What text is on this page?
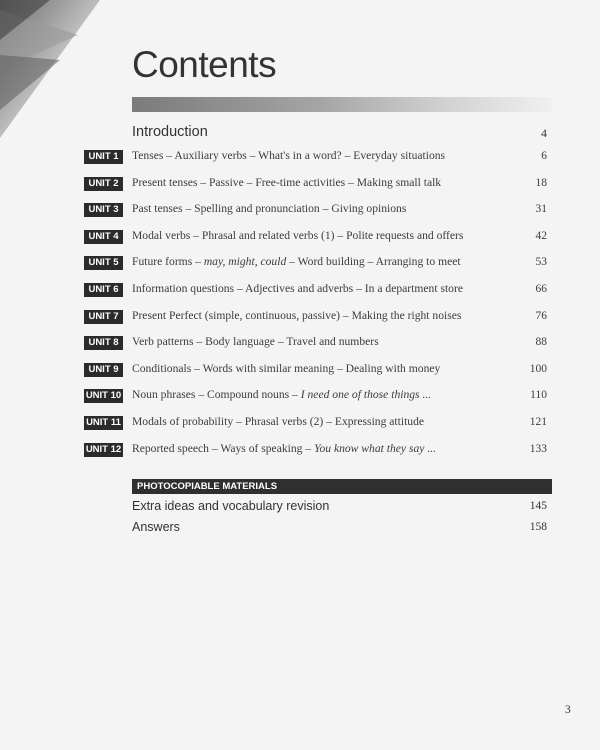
Contents
Introduction	4
UNIT 1	Tenses – Auxiliary verbs – What's in a word? – Everyday situations	6
UNIT 2	Present tenses – Passive – Free-time activities – Making small talk	18
UNIT 3	Past tenses – Spelling and pronunciation – Giving opinions	31
UNIT 4	Modal verbs – Phrasal and related verbs (1) – Polite requests and offers	42
UNIT 5	Future forms – may, might, could – Word building – Arranging to meet	53
UNIT 6	Information questions – Adjectives and adverbs – In a department store	66
UNIT 7	Present Perfect (simple, continuous, passive) – Making the right noises	76
UNIT 8	Verb patterns – Body language – Travel and numbers	88
UNIT 9	Conditionals – Words with similar meaning – Dealing with money	100
UNIT 10 Noun phrases – Compound nouns – I need one of those things ...	110
UNIT 11 Modals of probability – Phrasal verbs (2) – Expressing attitude	121
UNIT 12 Reported speech – Ways of speaking – You know what they say ...	133
PHOTOCOPIABLE MATERIALS
Extra ideas and vocabulary revision	145
Answers	158
3
